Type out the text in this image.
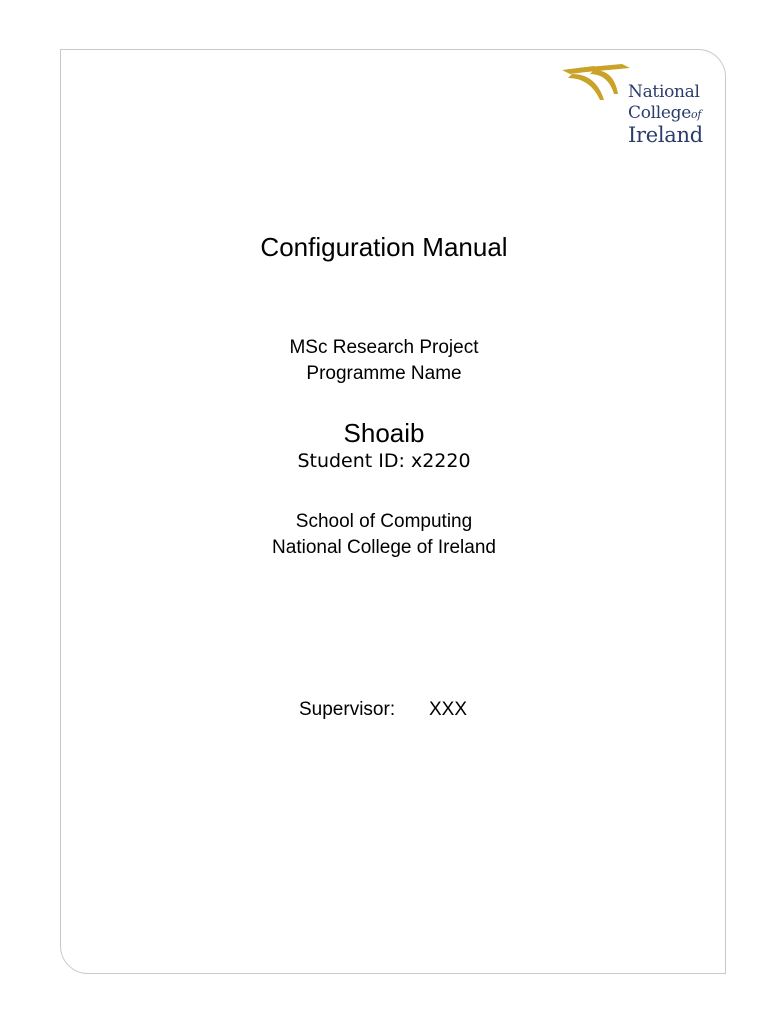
National
Collegeof
Ireland
Configuration Manual
MSc Research Project
Programme Name
Shoaib
Student ID: x2220
School of Computing
National College of Ireland
Supervisor: XXX
